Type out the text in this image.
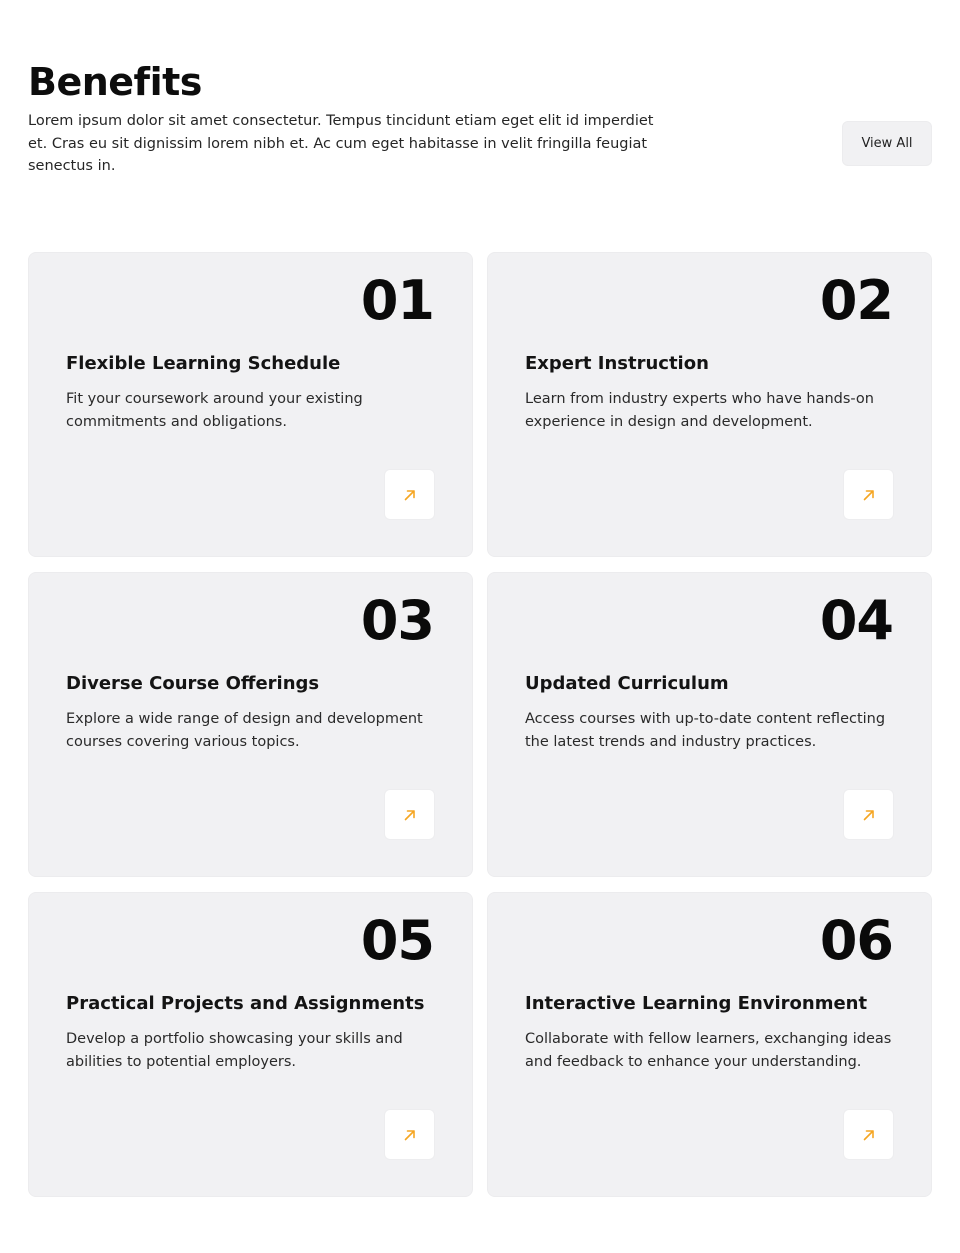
Benefits

Lorem ipsum dolor sit amet consectetur. Tempus tincidunt etiam eget elit id imperdiet et. Cras eu sit dignissim lorem nibh et. Ac cum eget habitasse in velit fringilla feugiat senectus in.

View All
01
Flexible Learning Schedule

Fit your coursework around your existing commitments and obligations.

02
Expert Instruction

Learn from industry experts who have hands-on experience in design and development.

03
Diverse Course Offerings

Explore a wide range of design and development courses covering various topics.

04
Updated Curriculum

Access courses with up-to-date content reflecting the latest trends and industry practices.

05
Practical Projects and Assignments

Develop a portfolio showcasing your skills and abilities to potential employers.

06
Interactive Learning Environment

Collaborate with fellow learners, exchanging ideas and feedback to enhance your understanding.
